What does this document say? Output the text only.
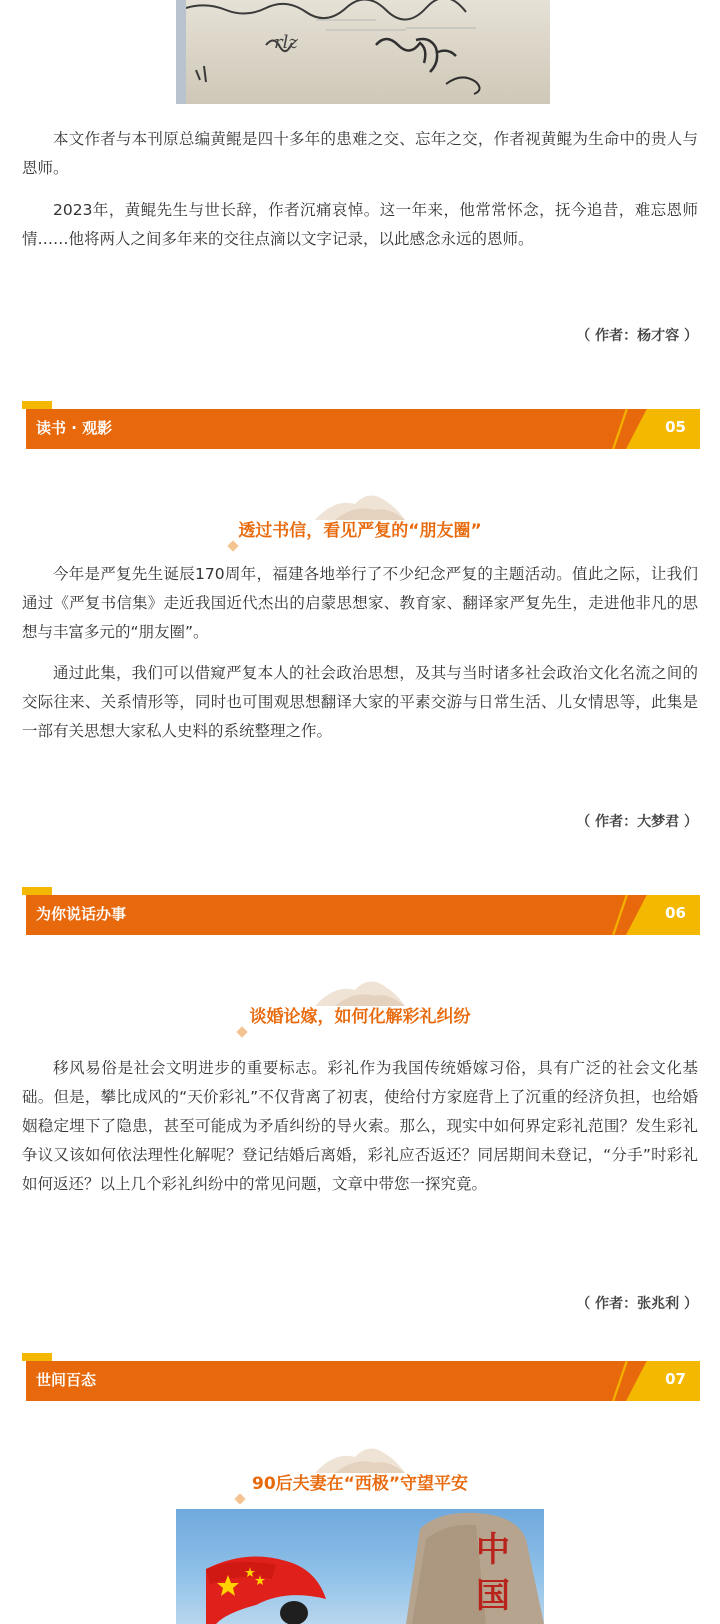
rlz

本文作者与本刊原总编黄鲲是四十多年的患难之交、忘年之交，作者视黄鲲为生命中的贵人与恩师。

2023年，黄鲲先生与世长辞，作者沉痛哀悼。这一年来，他常常怀念，抚今追昔，难忘恩师情……他将两人之间多年来的交往点滴以文字记录，以此感念永远的恩师。

（ 作者：杨才容 ）
读书 · 观影	05
透过书信，看见严复的“朋友圈”

今年是严复先生诞辰170周年，福建各地举行了不少纪念严复的主题活动。值此之际，让我们通过《严复书信集》走近我国近代杰出的启蒙思想家、教育家、翻译家严复先生，走进他非凡的思想与丰富多元的“朋友圈”。

通过此集，我们可以借窥严复本人的社会政治思想，及其与当时诸多社会政治文化名流之间的交际往来、关系情形等，同时也可围观思想翻译大家的平素交游与日常生活、儿女情思等，此集是一部有关思想大家私人史料的系统整理之作。

（ 作者：大梦君 ）
为你说话办事	06
谈婚论嫁，如何化解彩礼纠纷

移风易俗是社会文明进步的重要标志。彩礼作为我国传统婚嫁习俗，具有广泛的社会文化基础。但是，攀比成风的“天价彩礼”不仅背离了初衷，使给付方家庭背上了沉重的经济负担，也给婚姻稳定埋下了隐患，甚至可能成为矛盾纠纷的导火索。那么，现实中如何界定彩礼范围？发生彩礼争议又该如何依法理性化解呢？登记结婚后离婚，彩礼应否返还？同居期间未登记，“分手”时彩礼如何返还？以上几个彩礼纠纷中的常见问题，文章中带您一探究竟。

（ 作者：张兆利 ）
世间百态	07
90后夫妻在“西极”守望平安
中
国
